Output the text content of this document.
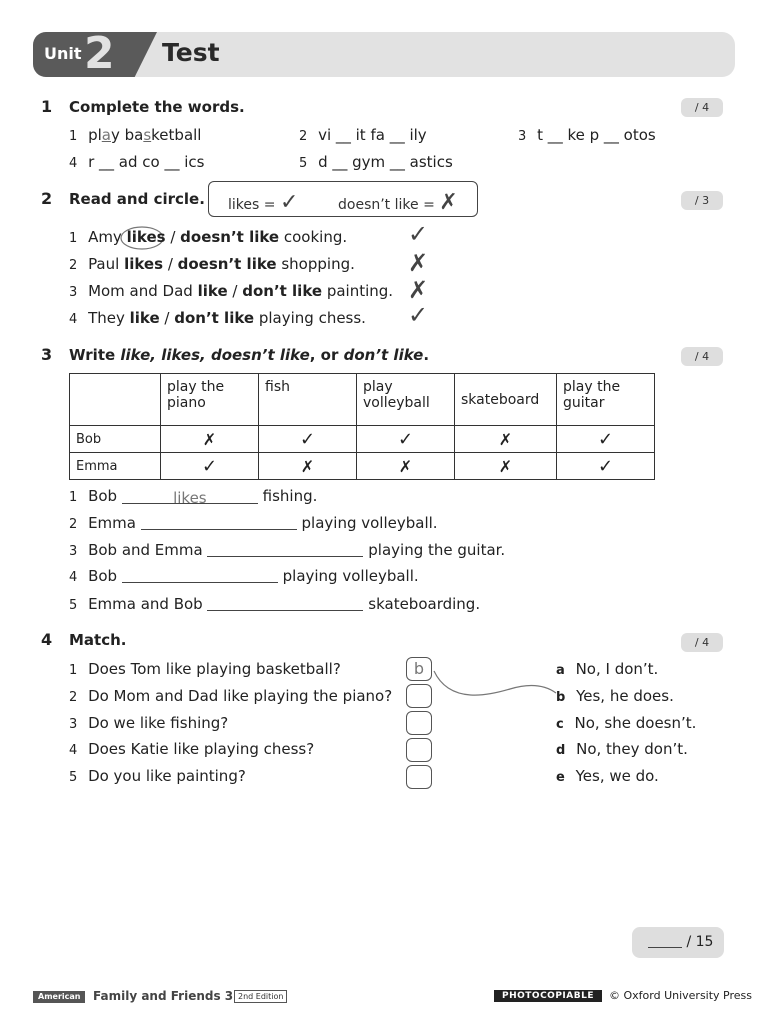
Unit 2 Test
1 Complete the words.	/ 4
1 play basketball	2 vi __ it fa __ ily	3 t __ ke p __ otos
4 r __ ad co __ ics	5 d __ gym __ astics
2 Read and circle. likes = ✓	doesn’t like = ✗	/ 3
1 Amy likes / doesn’t like cooking.	✓
2 Paul likes / doesn’t like shopping. ✗
3 Mom and Dad like / don’t like painting. ✗
4 They like / don’t like playing chess. ✓
3 Write like, likes, doesn’t like, or don’t like.	/ 4
	play the piano	fish	play volleyball	skateboard	play the guitar
Bob	✗	✓	✓	✗	✓
Emma	✓	✗	✗	✗	✓
1 Bob	likes	fishing.
2 Emma	playing volleyball.
3 Bob and Emma	playing the guitar.
4 Bob	playing volleyball.
5 Emma and Bob	skateboarding.
4 Match.	/ 4
1 Does Tom like playing basketball?
2 Do Mom and Dad like playing the piano?
3 Do we like fishing?
4 Does Katie like playing chess?
5 Do you like painting?
b	a No, I don’t.
b Yes, he does.
c No, she doesn’t.
d No, they don’t.
e Yes, we do.
/ 15
American	Family and Friends 3 2nd Edition	PHOTOCOPIABLE	© Oxford University Press
